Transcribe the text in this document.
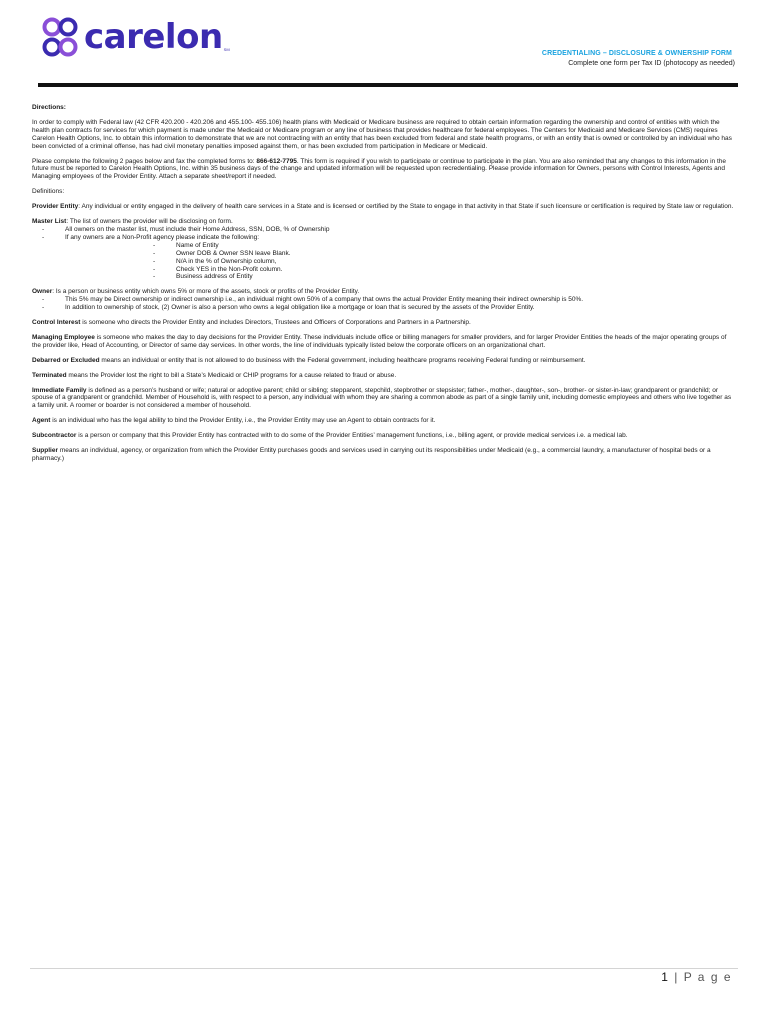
carelon SM
CREDENTIALING – DISCLOSURE & OWNERSHIP FORM
Complete one form per Tax ID (photocopy as needed)

Directions:

In order to comply with Federal law (42 CFR 420.200 - 420.206 and 455.100- 455.106) health plans with Medicaid or Medicare business are required to obtain certain information regarding the ownership and control of entities with which the health plan contracts for services for which payment is made under the Medicaid or Medicare program or any line of business that provides healthcare for federal employees. The Centers for Medicaid and Medicare Services (CMS) requires Carelon Health Options, Inc. to obtain this information to demonstrate that we are not contracting with an entity that has been excluded from federal and state health programs, or with an entity that is owned or controlled by an individual who has been convicted of a criminal offense, has had civil monetary penalties imposed against them, or has been excluded from participation in Medicare or Medicaid.

Please complete the following 2 pages below and fax the completed forms to: 866-612-7795. This form is required if you wish to participate or continue to participate in the plan. You are also reminded that any changes to this information in the future must be reported to Carelon Health Options, Inc. within 35 business days of the change and updated information will be requested upon recredentialing. Please provide information for Owners, persons with Control Interests, Agents and Managing employees of the Provider Entity. Attach a separate sheet/report if needed.

Definitions:

Provider Entity: Any individual or entity engaged in the delivery of health care services in a State and is licensed or certified by the State to engage in that activity in that State if such licensure or certification is required by State law or regulation.

Master List: The list of owners the provider will be disclosing on form.
- All owners on the master list, must include their Home Address, SSN, DOB, % of Ownership
- If any owners are a Non-Profit agency please indicate the following:
- Name of Entity
- Owner DOB & Owner SSN leave Blank.
- N/A in the % of Ownership column,
- Check YES in the Non-Profit column.
- Business address of Entity
Owner: Is a person or business entity which owns 5% or more of the assets, stock or profits of the Provider Entity.
- This 5% may be Direct ownership or indirect ownership i.e., an individual might own 50% of a company that owns the actual Provider Entity meaning their indirect ownership is 50%.
- In addition to ownership of stock, (2) Owner is also a person who owns a legal obligation like a mortgage or loan that is secured by the assets of the Provider Entity.

Control Interest is someone who directs the Provider Entity and includes Directors, Trustees and Officers of Corporations and Partners in a Partnership.

Managing Employee is someone who makes the day to day decisions for the Provider Entity. These individuals include office or billing managers for smaller providers, and for larger Provider Entities the heads of the major operating groups of the provider like, Head of Accounting, or Director of same day services. In other words, the line of individuals typically listed below the corporate officers on an organizational chart.

Debarred or Excluded means an individual or entity that is not allowed to do business with the Federal government, including healthcare programs receiving Federal funding or reimbursement.

Terminated means the Provider lost the right to bill a State’s Medicaid or CHIP programs for a cause related to fraud or abuse.

Immediate Family is defined as a person’s husband or wife; natural or adoptive parent; child or sibling; stepparent, stepchild, stepbrother or stepsister; father-, mother-, daughter-, son-, brother- or sister-in-law; grandparent or grandchild; or spouse of a grandparent or grandchild. Member of Household is, with respect to a person, any individual with whom they are sharing a common abode as part of a single family unit, including domestic employees and others who live together as a family unit. A roomer or boarder is not considered a member of household.

Agent is an individual who has the legal ability to bind the Provider Entity, i.e., the Provider Entity may use an Agent to obtain contracts for it.

Subcontractor is a person or company that this Provider Entity has contracted with to do some of the Provider Entities’ management functions, i.e., billing agent, or provide medical services i.e. a medical lab.

Supplier means an individual, agency, or organization from which the Provider Entity purchases goods and services used in carrying out its responsibilities under Medicaid (e.g., a commercial laundry, a manufacturer of hospital beds or a pharmacy.)

1 | P a g e
